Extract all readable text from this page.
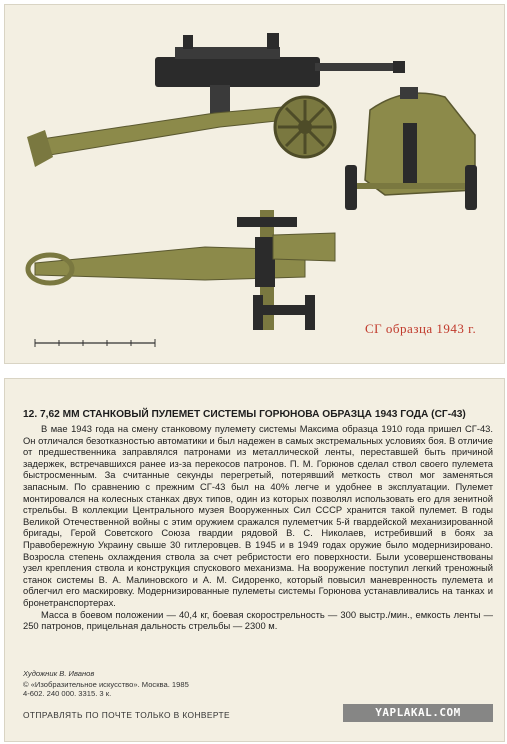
СГ образца 1943 г.
12. 7,62 ММ СТАНКОВЫЙ ПУЛЕМЕТ СИСТЕМЫ ГОРЮНОВА ОБРАЗЦА 1943 ГОДА (СГ-43)

В мае 1943 года на смену станковому пулемету системы Максима образца 1910 года пришел СГ-43. Он отличался безотказностью автоматики и был надежен в самых экстремальных условиях боя. В отличие от предшественника заправлялся патронами из металлической ленты, переставшей быть причиной задержек, встречавшихся ранее из-за перекосов патронов. П. М. Горюнов сделал ствол своего пулемета быстросменным. За считанные секунды перегретый, потерявший меткость ствол мог заменяться запасным. По сравнению с прежним СГ-43 был на 40% легче и удобнее в эксплуатации. Пулемет монтировался на колесных станках двух типов, один из которых позволял использовать его для зенитной стрельбы. В коллекции Центрального музея Вооруженных Сил СССР хранится такой пулемет. В годы Великой Отечественной войны с этим оружием сражался пулеметчик 5-й гвардейской механизированной бригады, Герой Советского Союза гвардии рядовой В. С. Николаев, истребивший в боях за Правобережную Украину свыше 30 гитлеровцев. В 1945 и в 1949 годах оружие было модернизировано. Возросла степень охлаждения ствола за счет ребристости его поверхности. Были усовершенствованы узел крепления ствола и конструкция спускового механизма. На вооружение поступил легкий треножный станок системы В. А. Малиновского и А. М. Сидоренко, который повысил маневренность пулемета и облегчил его маскировку. Модернизированные пулеметы системы Горюнова устанавливались на танках и бронетранспортерах.

Масса в боевом положении — 40,4 кг, боевая скорострельность — 300 выстр./мин., емкость ленты — 250 патронов, прицельная дальность стрельбы — 2300 м.

Художник В. Иванов
© «Изобразительное искусство». Москва. 1985
4-602. 240 000. 3315. 3 к.
ОТПРАВЛЯТЬ ПО ПОЧТЕ ТОЛЬКО В КОНВЕРТЕ	YAPLAKAL.COM
